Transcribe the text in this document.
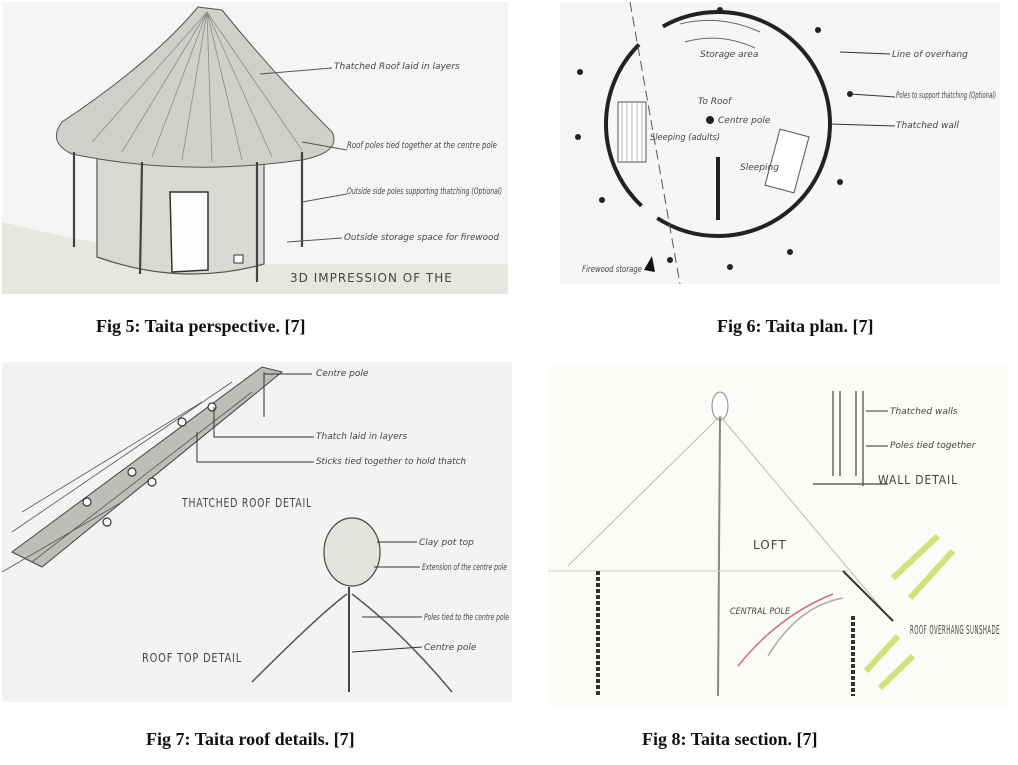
Thatched Roof laid in layers
Roof poles tied together at the centre pole
Outside side poles supporting thatching (Optional)
Outside storage space for firewood
3D IMPRESSION OF THE
Fig 5: Taita perspective. [7]
Line of overhang
Poles to support thatching (Optional)
Thatched wall
Storage area
To Roof
Centre pole
Sleeping (adults)
Sleeping
Firewood storage
Fig 6: Taita plan. [7]
Centre pole
Thatch laid in layers
Sticks tied together to hold thatch
THATCHED ROOF DETAIL
Clay pot top
Extension of the centre pole
Poles tied to the centre pole
Centre pole
ROOF TOP DETAIL
Fig 7: Taita roof details. [7]
Thatched walls
Poles tied together
WALL DETAIL
LOFT
CENTRAL POLE
ROOF OVERHANG SUNSHADE
Fig 8: Taita section. [7]
